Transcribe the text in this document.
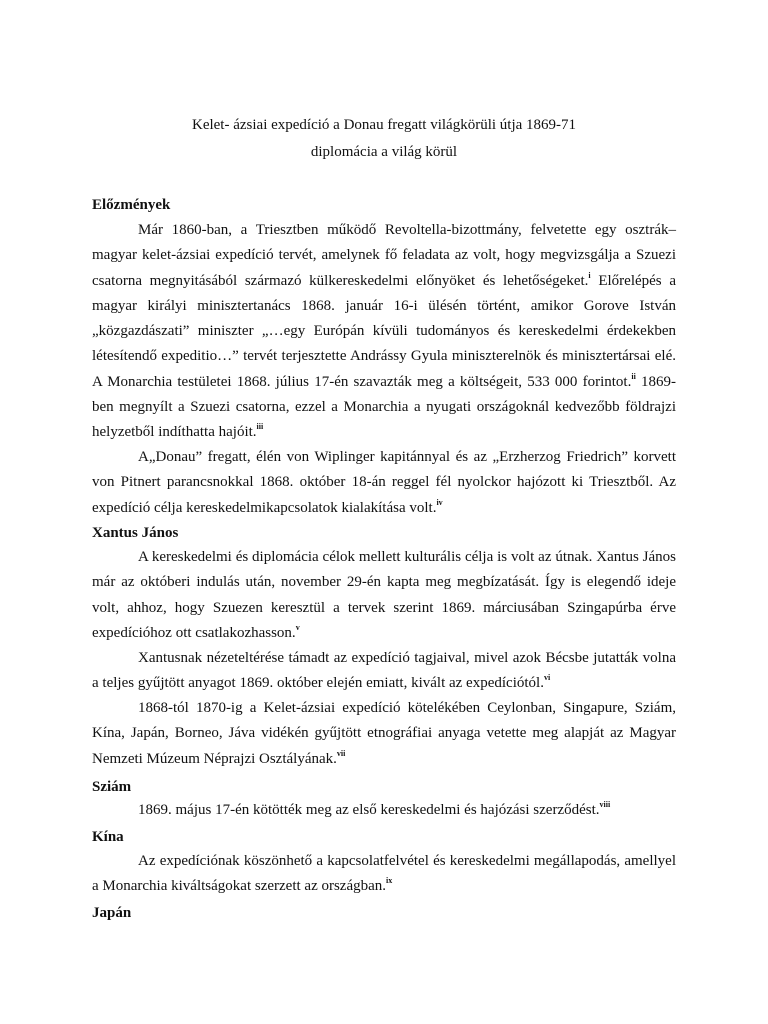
Kelet- ázsiai expedíció a Donau fregatt világkörüli útja 1869-71
diplomácia a világ körül
Előzmények
Már 1860-ban, a Triesztben működő Revoltella-bizottmány, felvetette egy osztrák–magyar kelet-ázsiai expedíció tervét, amelynek fő feladata az volt, hogy megvizsgálja a Szuezi csatorna megnyitásából származó külkereskedelmi előnyöket és lehetőségeket.$^i$ Előrelépés a magyar királyi minisztertanács 1868. január 16-i ülésén történt, amikor Gorove István „közgazdászati” miniszter „…egy Európán kívüli tudományos és kereskedelmi érdekekben létesítendő expeditio…” tervét terjesztette Andrássy Gyula miniszterelnök és minisztertársai elé. A Monarchia testületei 1868. július 17-én szavazták meg a költségeit, 533 000 forintot.$^{ii}$ 1869-ben megnyílt a Szuezi csatorna, ezzel a Monarchia a nyugati országoknál kedvezőbb földrajzi helyzetből indíthatta hajóit.$^{iii}$
A„Donau” fregatt, élén von Wiplinger kapitánnyal és az „Erzherzog Friedrich” korvett von Pitnert parancsnokkal 1868. október 18-án reggel fél nyolckor hajózott ki Triesztből. Az expedíció célja kereskedelmikapcsolatok kialakítása volt.$^{iv}$
Xantus János
A kereskedelmi és diplomácia célok mellett kulturális célja is volt az útnak. Xantus János már az októberi indulás után, november 29-én kapta meg megbízatását. Így is elegendő ideje volt, ahhoz, hogy Szuezen keresztül a tervek szerint 1869. márciusában Szingapúrba érve expedícióhoz ott csatlakozhasson.$^v$
Xantusnak nézeteltérése támadt az expedíció tagjaival, mivel azok Bécsbe jutatták volna a teljes gyűjtött anyagot 1869. október elején emiatt, kivált az expedíciótól.$^{vi}$
1868-tól 1870-ig a Kelet-ázsiai expedíció kötelékében Ceylonban, Singapure, Sziám, Kína, Japán, Borneo, Jáva vidékén gyűjtött etnográfiai anyaga vetette meg alapját az Magyar Nemzeti Múzeum Néprajzi Osztályának.$^{vii}$
Sziám
1869. május 17-én kötötték meg az első kereskedelmi és hajózási szerződést.$^{viii}$
Kína
Az expedíciónak köszönhető a kapcsolatfelvétel és kereskedelmi megállapodás, amellyel a Monarchia kiváltságokat szerzett az országban.$^{ix}$
Japán
